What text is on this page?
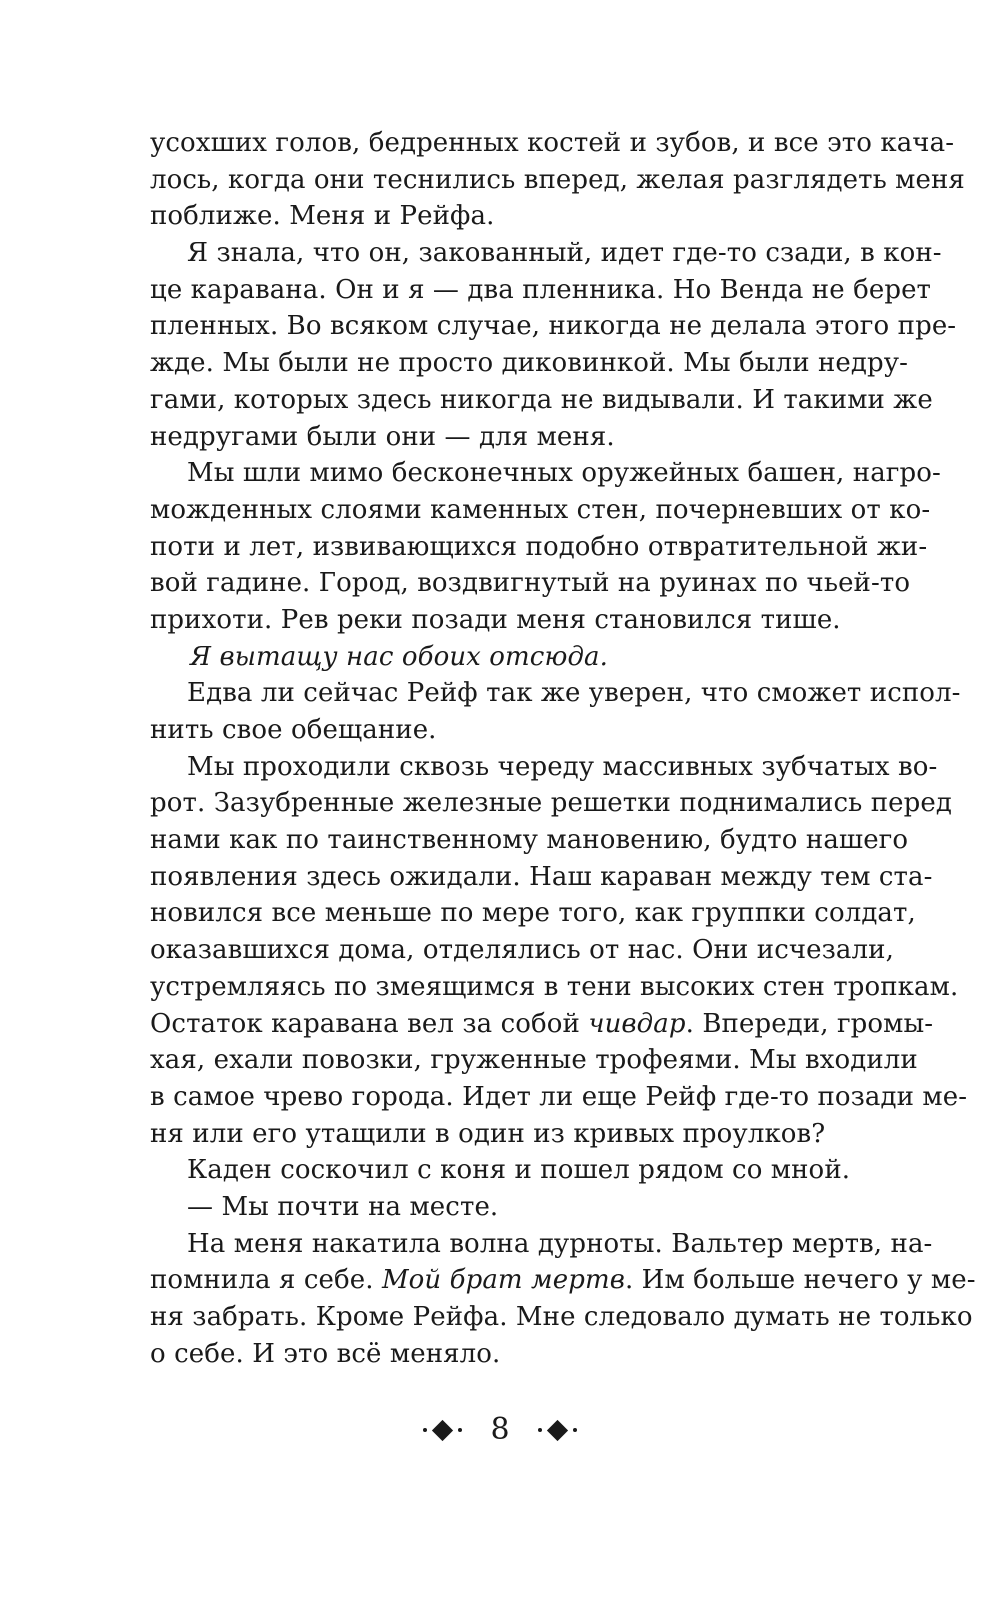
усохших голов, бедренных костей и зубов, и все это кача-
лось, когда они теснились вперед, желая разглядеть меня
поближе. Меня и Рейфа.
Я знала, что он, закованный, идет где-то сзади, в кон-
це каравана. Он и я — два пленника. Но Венда не берет
пленных. Во всяком случае, никогда не делала этого пре-
жде. Мы были не просто диковинкой. Мы были недру-
гами, которых здесь никогда не видывали. И такими же
недругами были они — для меня.
Мы шли мимо бесконечных оружейных башен, нагро-
можденных слоями каменных стен, почерневших от ко-
поти и лет, извивающихся подобно отвратительной жи-
вой гадине. Город, воздвигнутый на руинах по чьей-то
прихоти. Рев реки позади меня становился тише.
Я вытащу нас обоих отсюда.
Едва ли сейчас Рейф так же уверен, что сможет испол-
нить свое обещание.
Мы проходили сквозь череду массивных зубчатых во-
рот. Зазубренные железные решетки поднимались перед
нами как по таинственному мановению, будто нашего
появления здесь ожидали. Наш караван между тем ста-
новился все меньше по мере того, как группки солдат,
оказавшихся дома, отделялись от нас. Они исчезали,
устремляясь по змеящимся в тени высоких стен тропкам.
Остаток каравана вел за собой чивдар. Впереди, громы-
хая, ехали повозки, груженные трофеями. Мы входили
в самое чрево города. Идет ли еще Рейф где-то позади ме-
ня или его утащили в один из кривых проулков?
Каден соскочил с коня и пошел рядом со мной.
— Мы почти на месте.
На меня накатила волна дурноты. Вальтер мертв, на-
помнила я себе. Мой брат мертв. Им больше нечего у ме-
ня забрать. Кроме Рейфа. Мне следовало думать не только
о себе. И это всё меняло.
8
